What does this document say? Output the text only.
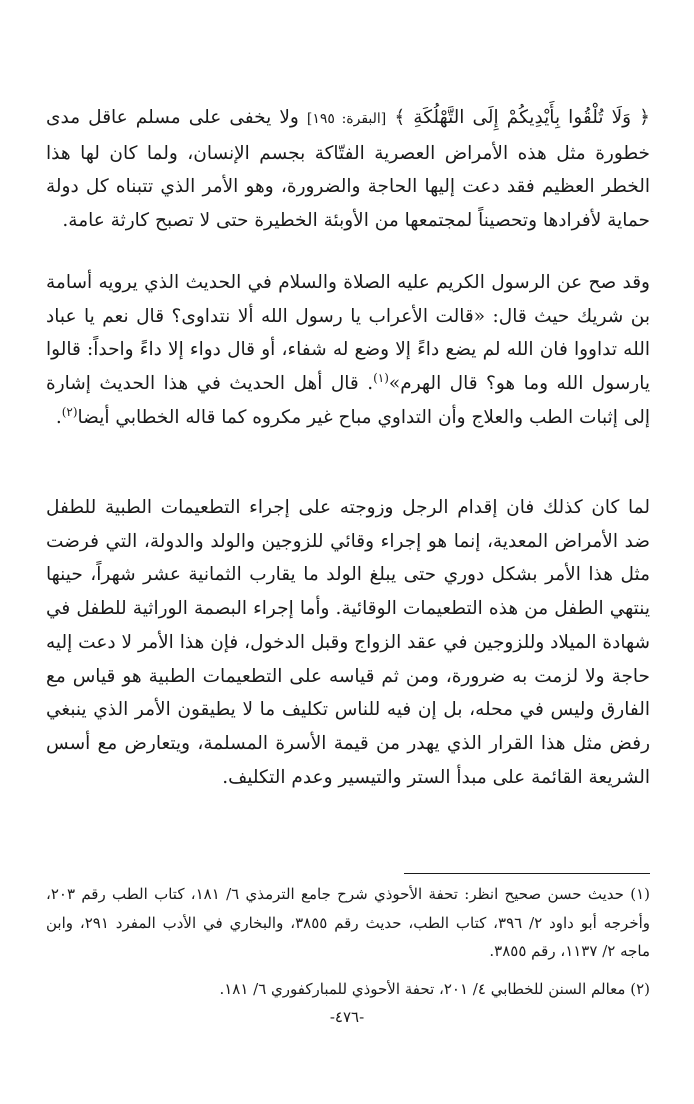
﴿ وَلَا تُلْقُوا بِأَيْدِيكُمْ إِلَى التَّهْلُكَةِ ﴾ [البقرة: ١٩٥] ولا يخفى على مسلم عاقل مدى خطورة مثل هذه الأمراض العصرية الفتّاكة بجسم الإنسان، ولما كان لها هذا الخطر العظيم فقد دعت إليها الحاجة والضرورة، وهو الأمر الذي تتبناه كل دولة حماية لأفرادها وتحصيناً لمجتمعها من الأوبئة الخطيرة حتى لا تصبح كارثة عامة.

وقد صح عن الرسول الكريم عليه الصلاة والسلام في الحديث الذي يرويه أسامة بن شريك حيث قال: «قالت الأعراب يا رسول الله ألا نتداوى؟ قال نعم يا عباد الله تداووا فان الله لم يضع داءً إلا وضع له شفاء، أو قال دواء إلا داءً واحداً: قالوا يارسول الله وما هو؟ قال الهرم»$^{(١)}$. قال أهل الحديث في هذا الحديث إشارة إلى إثبات الطب والعلاج وأن التداوي مباح غير مكروه كما قاله الخطابي أيضا$^{(٢)}$.

لما كان كذلك فان إقدام الرجل وزوجته على إجراء التطعيمات الطبية للطفل ضد الأمراض المعدية، إنما هو إجراء وقائي للزوجين والولد والدولة، التي فرضت مثل هذا الأمر بشكل دوري حتى يبلغ الولد ما يقارب الثمانية عشر شهراً، حينها ينتهي الطفل من هذه التطعيمات الوقائية. وأما إجراء البصمة الوراثية للطفل في شهادة الميلاد وللزوجين في عقد الزواج وقبل الدخول، فإن هذا الأمر لا دعت إليه حاجة ولا لزمت به ضرورة، ومن ثم قياسه على التطعيمات الطبية هو قياس مع الفارق وليس في محله، بل إن فيه للناس تكليف ما لا يطيقون الأمر الذي ينبغي رفض مثل هذا القرار الذي يهدر من قيمة الأسرة المسلمة، ويتعارض مع أسس الشريعة القائمة على مبدأ الستر والتيسير وعدم التكليف.

(١) حديث حسن صحيح انظر: تحفة الأحوذي شرح جامع الترمذي ٦/ ١٨١، كتاب الطب رقم ٢٠٣، وأخرجه أبو داود ٢/ ٣٩٦، كتاب الطب، حديث رقم ٣٨٥٥، والبخاري في الأدب المفرد ٢٩١، وابن ماجه ٢/ ١١٣٧، رقم ٣٨٥٥.

(٢) معالم السنن للخطابي ٤/ ٢٠١، تحفة الأحوذي للمباركفوري ٦/ ١٨١.

-٤٧٦-
